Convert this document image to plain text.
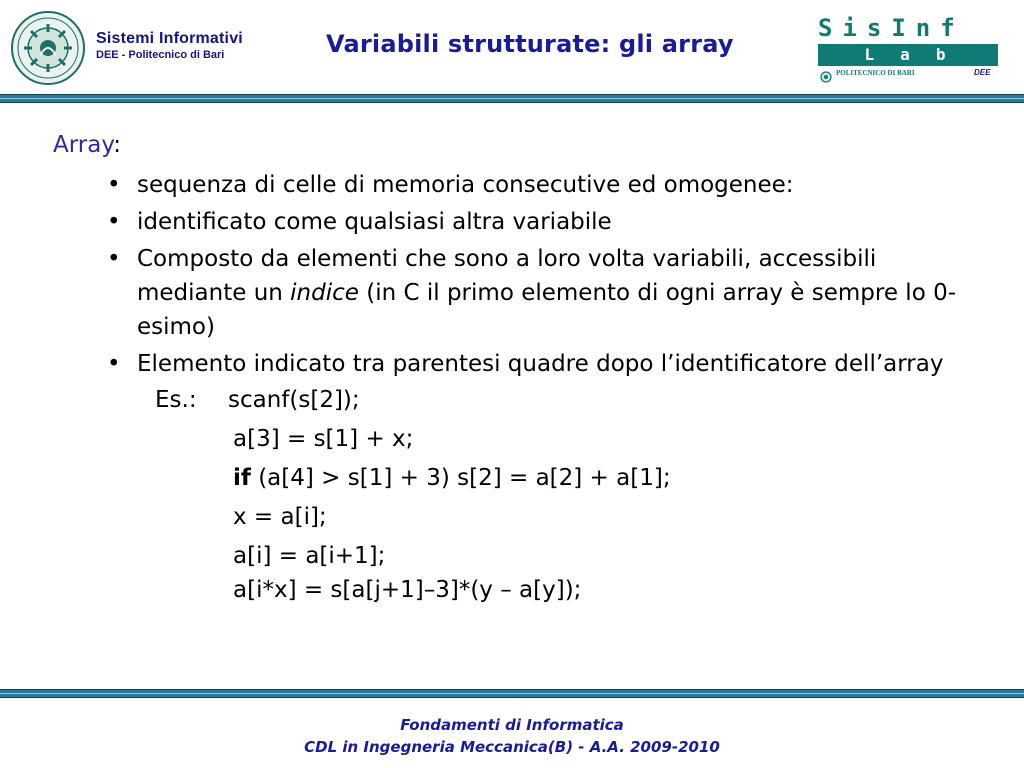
Sistemi Informativi
DEE - Politecnico di Bari	Variabili strutturate: gli array
SisInf
Lab
POLITECNICO DI BARI	DEE
Array:
• sequenza di celle di memoria consecutive ed omogenee:
• identificato come qualsiasi altra variabile
• Composto da elementi che sono a loro volta variabili, accessibili mediante un indice (in C il primo elemento di ogni array è sempre lo 0-esimo)
• Elemento indicato tra parentesi quadre dopo l’identificatore dell’array
Es.: scanf(s[2]);
a[3] = s[1] + x;
if (a[4] > s[1] + 3) s[2] = a[2] + a[1];
x = a[i];
a[i] = a[i+1];
a[i*x] = s[a[j+1]–3]*(y – a[y]);
Fondamenti di Informatica
CDL in Ingegneria Meccanica(B) - A.A. 2009-2010
